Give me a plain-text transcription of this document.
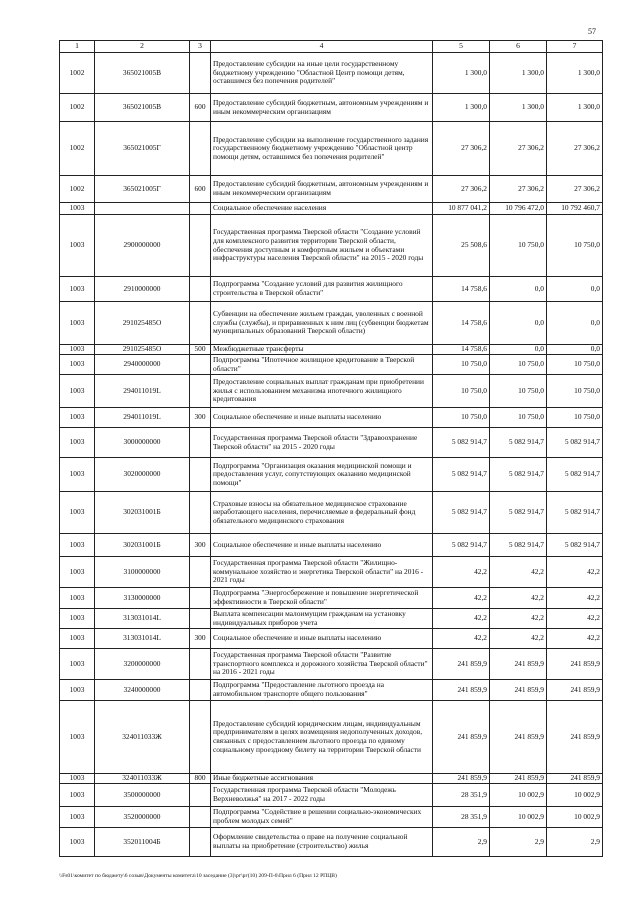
57
1	2	3	4	5	6	7
1002	365021005В		Предоставление субсидии на иные цели государственному бюджетному учреждению "Областной Центр помощи детям, оставшимся без попечения родителей"	1 300,0	1 300,0	1 300,0
1002	365021005В	600	Предоставление субсидий бюджетным, автономным учреждениям и иным некоммерческим организациям	1 300,0	1 300,0	1 300,0
1002	365021005Г		Предоставление субсидии на выполнение государственного задания государственному бюджетному учреждению "Областной центр помощи детям, оставшимся без попечения родителей"	27 306,2	27 306,2	27 306,2
1002	365021005Г	600	Предоставление субсидий бюджетным, автономным учреждениям и иным некоммерческим организациям	27 306,2	27 306,2	27 306,2
1003			Социальное обеспечение населения	10 877 041,2	10 796 472,0	10 792 460,7
1003	2900000000		Государственная программа Тверской области "Создание условий для комплексного развития территории Тверской области, обеспечения доступным и комфортным жильем и объектами инфраструктуры населения Тверской области" на 2015 - 2020 годы	25 508,6	10 750,0	10 750,0
1003	2910000000		Подпрограмма "Создание условий для развития жилищного строительства в Тверской области"	14 758,6	0,0	0,0
1003	291025485О		Субвенции на обеспечение жильем граждан, уволенных с военной службы (службы), и приравненных к ним лиц (субвенции бюджетам муниципальных образований Тверской области)	14 758,6	0,0	0,0
1003	291025485О	500	Межбюджетные трансферты	14 758,6	0,0	0,0
1003	2940000000		Подпрограмма "Ипотечное жилищное кредитование в Тверской области"	10 750,0	10 750,0	10 750,0
1003	294011019L		Предоставление социальных выплат гражданам при приобретении жилья с использованием механизма ипотечного жилищного кредитования	10 750,0	10 750,0	10 750,0
1003	294011019L	300	Социальное обеспечение и иные выплаты населению	10 750,0	10 750,0	10 750,0
1003	3000000000		Государственная программа Тверской области "Здравоохранение Тверской области" на 2015 - 2020 годы	5 082 914,7	5 082 914,7	5 082 914,7
1003	3020000000		Подпрограмма "Организация оказания медицинской помощи и предоставления услуг, сопутствующих оказанию медицинской помощи"	5 082 914,7	5 082 914,7	5 082 914,7
1003	302031001Б		Страховые взносы на обязательное медицинское страхование неработающего населения, перечисляемые в федеральный фонд обязательного медицинского страхования	5 082 914,7	5 082 914,7	5 082 914,7
1003	302031001Б	300	Социальное обеспечение и иные выплаты населению	5 082 914,7	5 082 914,7	5 082 914,7
1003	3100000000		Государственная программа Тверской области "Жилищно-коммунальное хозяйство и энергетика Тверской области" на 2016 - 2021 годы	42,2	42,2	42,2
1003	3130000000		Подпрограмма "Энергосбережение и повышение энергетической эффективности в Тверской области"	42,2	42,2	42,2
1003	313031014L		Выплата компенсации малоимущим гражданам на установку индивидуальных приборов учета	42,2	42,2	42,2
1003	313031014L	300	Социальное обеспечение и иные выплаты населению	42,2	42,2	42,2
1003	3200000000		Государственная программа Тверской области "Развитие транспортного комплекса и дорожного хозяйства Тверской области" на 2016 - 2021 годы	241 859,9	241 859,9	241 859,9
1003	3240000000		Подпрограмма "Предоставление льготного проезда на автомобильном транспорте общего пользования"	241 859,9	241 859,9	241 859,9
1003	324011033Ж		Предоставление субсидий юридическим лицам, индивидуальным предпринимателям в целях возмещения недополученных доходов, связанных с предоставлением льготного проезда по единому социальному проездному билету на территории Тверской области	241 859,9	241 859,9	241 859,9
1003	324011033Ж	800	Иные бюджетные ассигнования	241 859,9	241 859,9	241 859,9
1003	3500000000		Государственная программа Тверской области "Молодежь Верхневолжья" на 2017 - 2022 годы	28 351,9	10 002,9	10 002,9
1003	3520000000		Подпрограмма "Содействие в решении социально-экономических проблем молодых семей"	28 351,9	10 002,9	10 002,9
1003	352011004Б		Оформление свидетельства о праве на получение социальной выплаты на приобретение (строительство) жилья	2,9	2,9	2,9
\\Fs01\комитет по бюджету\6 созыв\Документы комитета\10 заседание (3)\рг\рг(10) 209-П-6\Прил 6 (Прил 12 РПЦВ)
